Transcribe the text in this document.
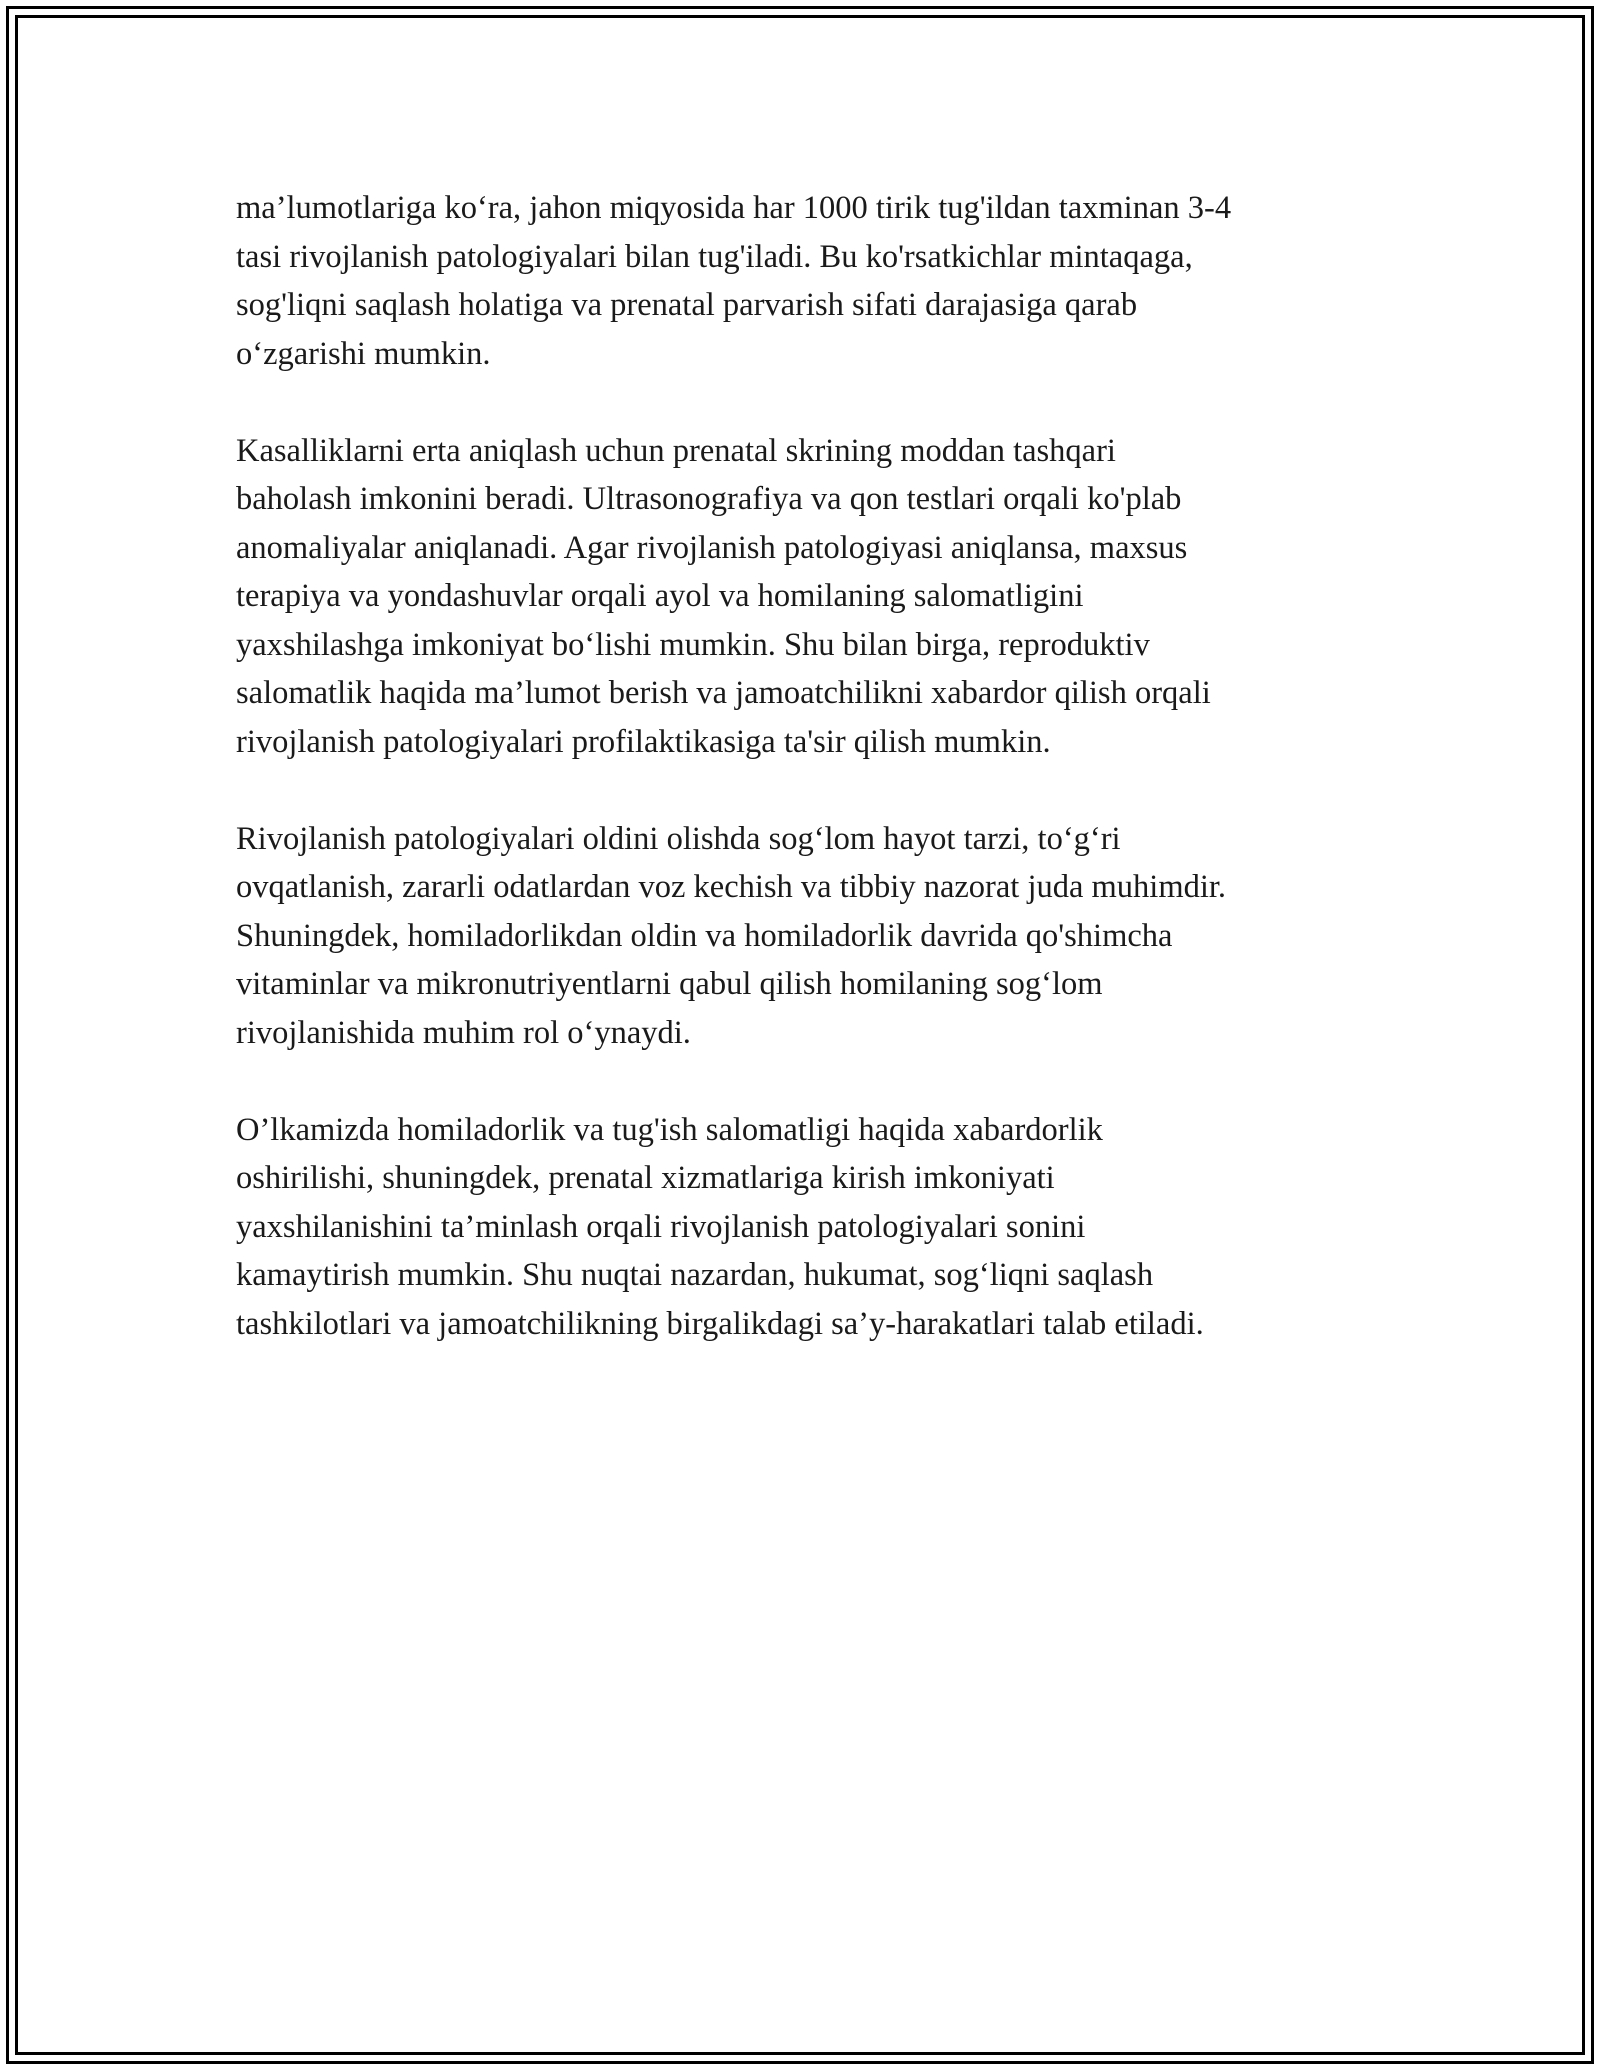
ma’lumotlariga ko‘ra, jahon miqyosida har 1000 tirik tug'ildan taxminan 3-4
tasi rivojlanish patologiyalari bilan tug'iladi. Bu ko'rsatkichlar mintaqaga,
sog'liqni saqlash holatiga va prenatal parvarish sifati darajasiga qarab
o‘zgarishi mumkin.

Kasalliklarni erta aniqlash uchun prenatal skrining moddan tashqari
baholash imkonini beradi. Ultrasonografiya va qon testlari orqali ko'plab
anomaliyalar aniqlanadi. Agar rivojlanish patologiyasi aniqlansa, maxsus
terapiya va yondashuvlar orqali ayol va homilaning salomatligini
yaxshilashga imkoniyat bo‘lishi mumkin. Shu bilan birga, reproduktiv
salomatlik haqida ma’lumot berish va jamoatchilikni xabardor qilish orqali
rivojlanish patologiyalari profilaktikasiga ta'sir qilish mumkin.

Rivojlanish patologiyalari oldini olishda sog‘lom hayot tarzi, to‘g‘ri
ovqatlanish, zararli odatlardan voz kechish va tibbiy nazorat juda muhimdir.
Shuningdek, homiladorlikdan oldin va homiladorlik davrida qo'shimcha
vitaminlar va mikronutriyentlarni qabul qilish homilaning sog‘lom
rivojlanishida muhim rol o‘ynaydi.

O’lkamizda homiladorlik va tug'ish salomatligi haqida xabardorlik
oshirilishi, shuningdek, prenatal xizmatlariga kirish imkoniyati
yaxshilanishini ta’minlash orqali rivojlanish patologiyalari sonini
kamaytirish mumkin. Shu nuqtai nazardan, hukumat, sog‘liqni saqlash
tashkilotlari va jamoatchilikning birgalikdagi sa’y-harakatlari talab etiladi.
